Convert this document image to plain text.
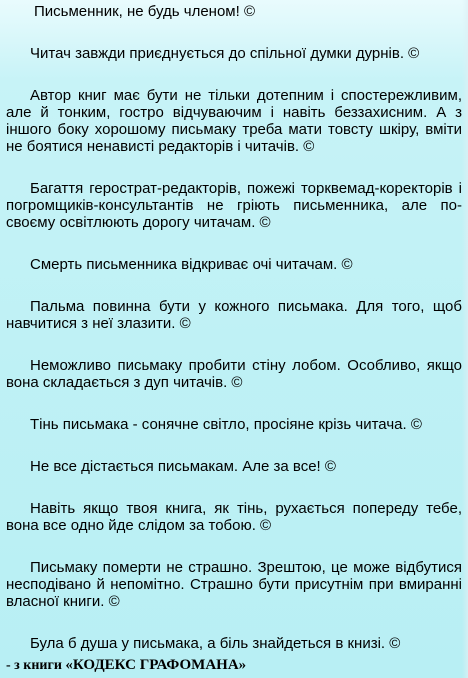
Письменник, не будь членом! ©

Читач завжди приєднується до спільної думки дурнів. ©

Автор книг має бути не тільки дотепним і спостережливим, але й тонким, гостро відчуваючим і навіть беззахисним. А з іншого боку хорошому письмаку треба мати товсту шкіру, вміти не боятися ненависті редакторів і читачів. ©

Багаття герострат-редакторів, пожежі торквемад-коректорів і погромщиків-консультантів не гріють письменника, але по-своєму освітлюють дорогу читачам. ©

Смерть письменника відкриває очі читачам. ©

Пальма повинна бути у кожного письмака. Для того, щоб навчитися з неї злазити. ©

Неможливо письмаку пробити стіну лобом. Особливо, якщо вона складається з дуп читачів. ©

Тінь письмака - сонячне світло, просіяне крізь читача. ©

Не все дістається письмакам. Але за все! ©

Навіть якщо твоя книга, як тінь, рухається попереду тебе, вона все одно йде слідом за тобою. ©

Письмаку померти не страшно. Зрештою, це може відбутися несподівано й непомітно. Страшно бути присутнім при вмиранні власної книги. ©

Була б душа у письмака, а біль знайдеться в книзі. ©

- з книги «КОДЕКС ГРАФОМАНА»
